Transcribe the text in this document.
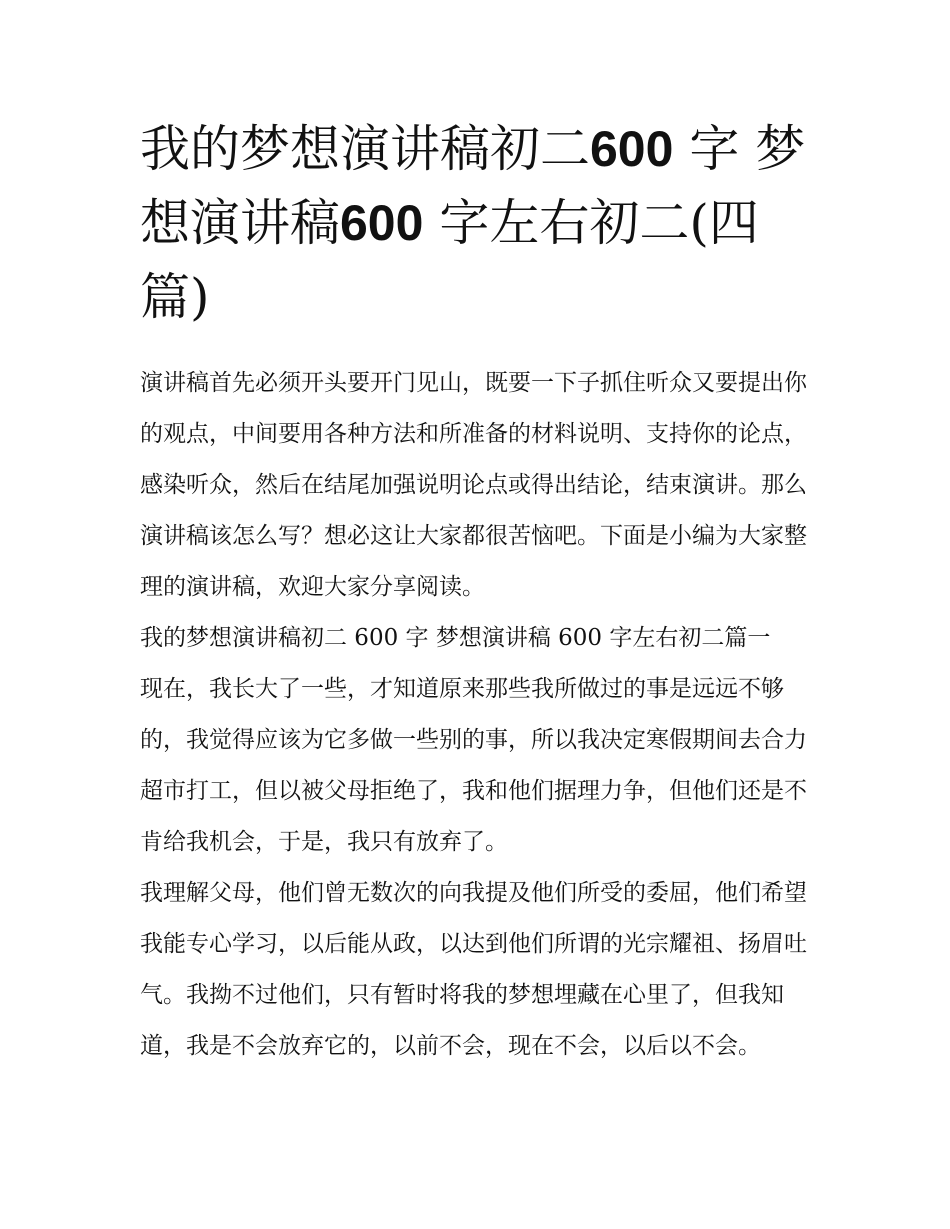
我的梦想演讲稿初二600 字 梦想演讲稿600 字左右初二(四篇)

演讲稿首先必须开头要开门见山，既要一下子抓住听众又要提出你的观点，中间要用各种方法和所准备的材料说明、支持你的论点，感染听众，然后在结尾加强说明论点或得出结论，结束演讲。那么演讲稿该怎么写？想必这让大家都很苦恼吧。下面是小编为大家整理的演讲稿，欢迎大家分享阅读。

我的梦想演讲稿初二 600 字 梦想演讲稿 600 字左右初二篇一

现在，我长大了一些，才知道原来那些我所做过的事是远远不够的，我觉得应该为它多做一些别的事，所以我决定寒假期间去合力超市打工，但以被父母拒绝了，我和他们据理力争，但他们还是不肯给我机会，于是，我只有放弃了。

我理解父母，他们曾无数次的向我提及他们所受的委屈，他们希望我能专心学习，以后能从政，以达到他们所谓的光宗耀祖、扬眉吐气。我拗不过他们，只有暂时将我的梦想埋藏在心里了，但我知道，我是不会放弃它的，以前不会，现在不会，以后以不会。
